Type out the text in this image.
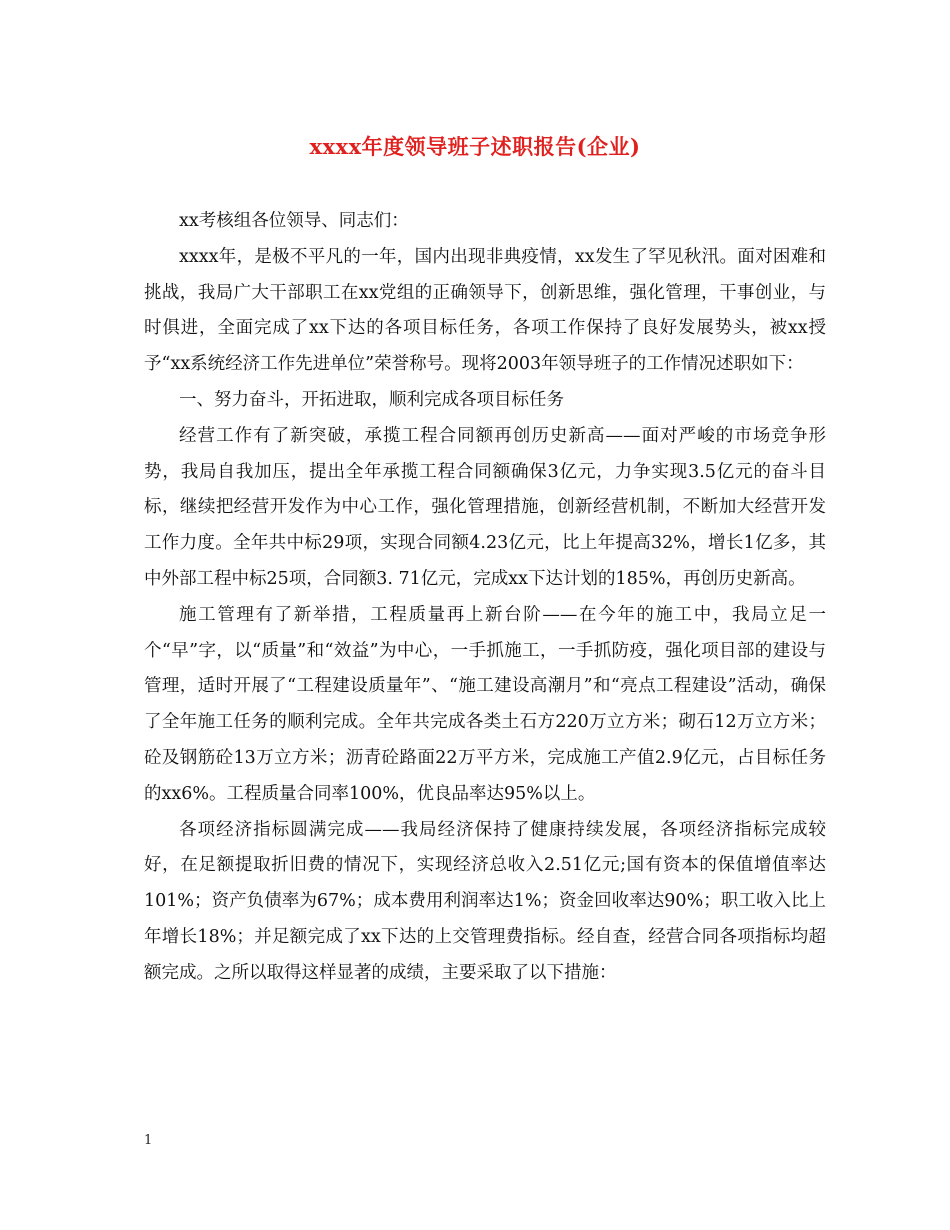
xxxx年度领导班子述职报告(企业)

xx考核组各位领导、同志们：

xxxx年，是极不平凡的一年，国内出现非典疫情，xx发生了罕见秋汛。面对困难和挑战，我局广大干部职工在xx党组的正确领导下，创新思维，强化管理，干事创业，与时俱进，全面完成了xx下达的各项目标任务，各项工作保持了良好发展势头，被xx授予“xx系统经济工作先进单位”荣誉称号。现将2003年领导班子的工作情况述职如下：

一、努力奋斗，开拓进取，顺利完成各项目标任务

经营工作有了新突破，承揽工程合同额再创历史新高——面对严峻的市场竞争形势，我局自我加压，提出全年承揽工程合同额确保3亿元，力争实现3.5亿元的奋斗目标，继续把经营开发作为中心工作，强化管理措施，创新经营机制，不断加大经营开发工作力度。全年共中标29项，实现合同额4.23亿元，比上年提高32%，增长1亿多，其中外部工程中标25项，合同额3. 71亿元，完成xx下达计划的185%，再创历史新高。

施工管理有了新举措，工程质量再上新台阶——在今年的施工中，我局立足一个“早”字，以“质量”和“效益”为中心，一手抓施工，一手抓防疫，强化项目部的建设与管理，适时开展了“工程建设质量年”、“施工建设高潮月”和“亮点工程建设”活动，确保了全年施工任务的顺利完成。全年共完成各类土石方220万立方米；砌石12万立方米；砼及钢筋砼13万立方米；沥青砼路面22万平方米，完成施工产值2.9亿元，占目标任务的xx6%。工程质量合同率100%，优良品率达95%以上。

各项经济指标圆满完成——我局经济保持了健康持续发展，各项经济指标完成较好，在足额提取折旧费的情况下，实现经济总收入2.51亿元;国有资本的保值增值率达101%；资产负债率为67%；成本费用利润率达1%；资金回收率达90%；职工收入比上年增长18%；并足额完成了xx下达的上交管理费指标。经自查，经营合同各项指标均超额完成。之所以取得这样显著的成绩，主要采取了以下措施：

1
